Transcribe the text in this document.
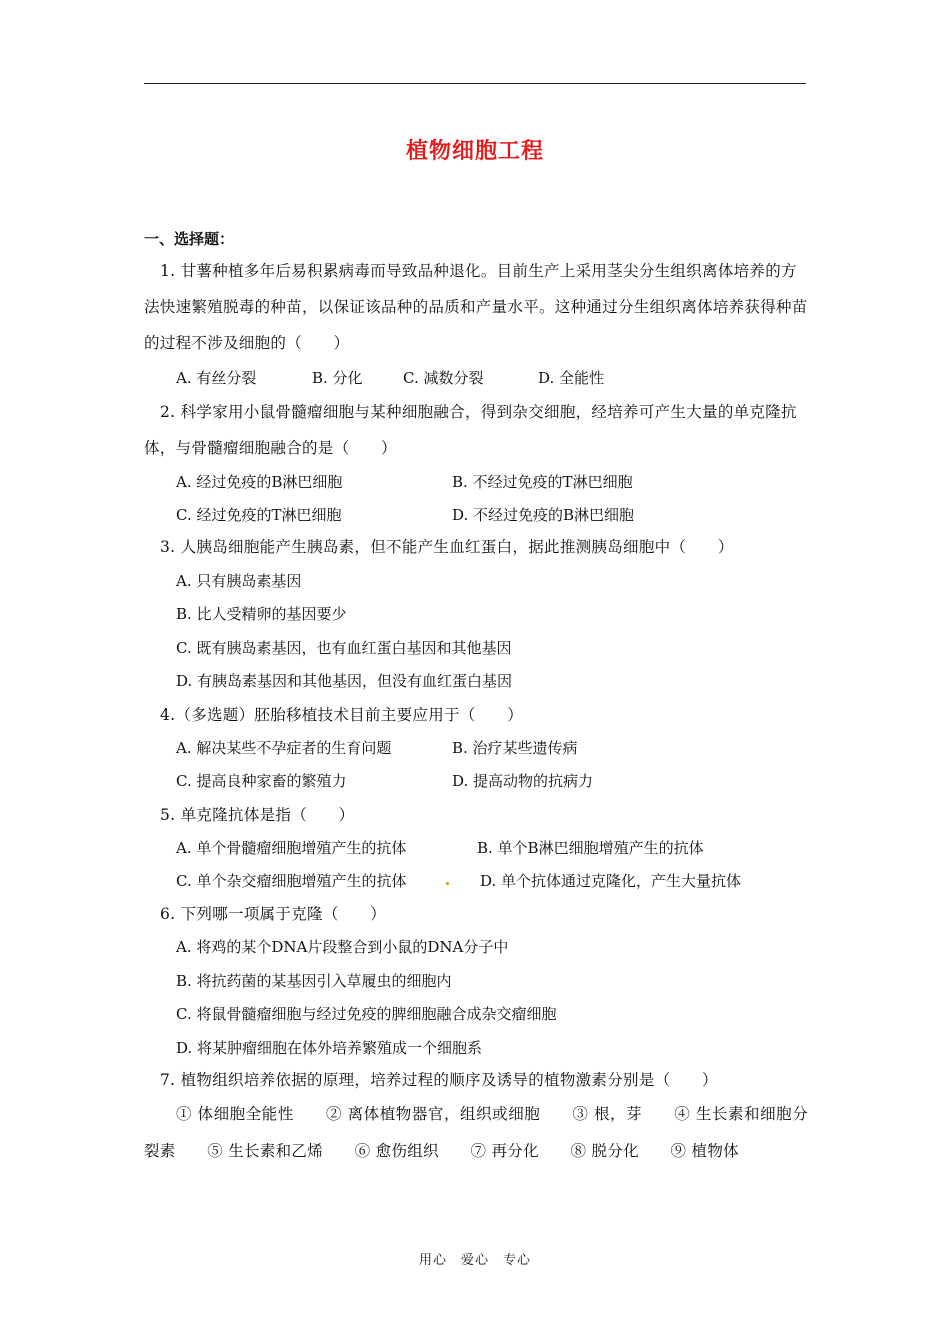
植物细胞工程
一、选择题：
1. 甘薯种植多年后易积累病毒而导致品种退化。目前生产上采用茎尖分生组织离体培养的方法快速繁殖脱毒的种苗，以保证该品种的品质和产量水平。这种通过分生组织离体培养获得种苗的过程不涉及细胞的（　　）
A. 有丝分裂	B. 分化	C. 减数分裂	D. 全能性
2. 科学家用小鼠骨髓瘤细胞与某种细胞融合，得到杂交细胞，经培养可产生大量的单克隆抗体，与骨髓瘤细胞融合的是（　　）
A. 经过免疫的B淋巴细胞	B. 不经过免疫的T淋巴细胞
C. 经过免疫的T淋巴细胞	D. 不经过免疫的B淋巴细胞
3. 人胰岛细胞能产生胰岛素，但不能产生血红蛋白，据此推测胰岛细胞中（　　）
A. 只有胰岛素基因
B. 比人受精卵的基因要少
C. 既有胰岛素基因，也有血红蛋白基因和其他基因
D. 有胰岛素基因和其他基因，但没有血红蛋白基因
4.（多选题）胚胎移植技术目前主要应用于（　　）
A. 解决某些不孕症者的生育问题	B. 治疗某些遗传病
C. 提高良种家畜的繁殖力	D. 提高动物的抗病力
5. 单克隆抗体是指（　　）
A. 单个骨髓瘤细胞增殖产生的抗体	B. 单个B淋巴细胞增殖产生的抗体
C. 单个杂交瘤细胞增殖产生的抗体	D. 单个抗体通过克隆化，产生大量抗体
6. 下列哪一项属于克隆（　　）
A. 将鸡的某个DNA片段整合到小鼠的DNA分子中
B. 将抗药菌的某基因引入草履虫的细胞内
C. 将鼠骨髓瘤细胞与经过免疫的脾细胞融合成杂交瘤细胞
D. 将某肿瘤细胞在体外培养繁殖成一个细胞系
7. 植物组织培养依据的原理，培养过程的顺序及诱导的植物激素分别是（　　）
① 体细胞全能性　　② 离体植物器官，组织或细胞　　③ 根，芽　　④ 生长素和细胞分裂素　　⑤ 生长素和乙烯　　⑥ 愈伤组织　　⑦ 再分化　　⑧ 脱分化　　⑨ 植物体
用心　爱心　专心
